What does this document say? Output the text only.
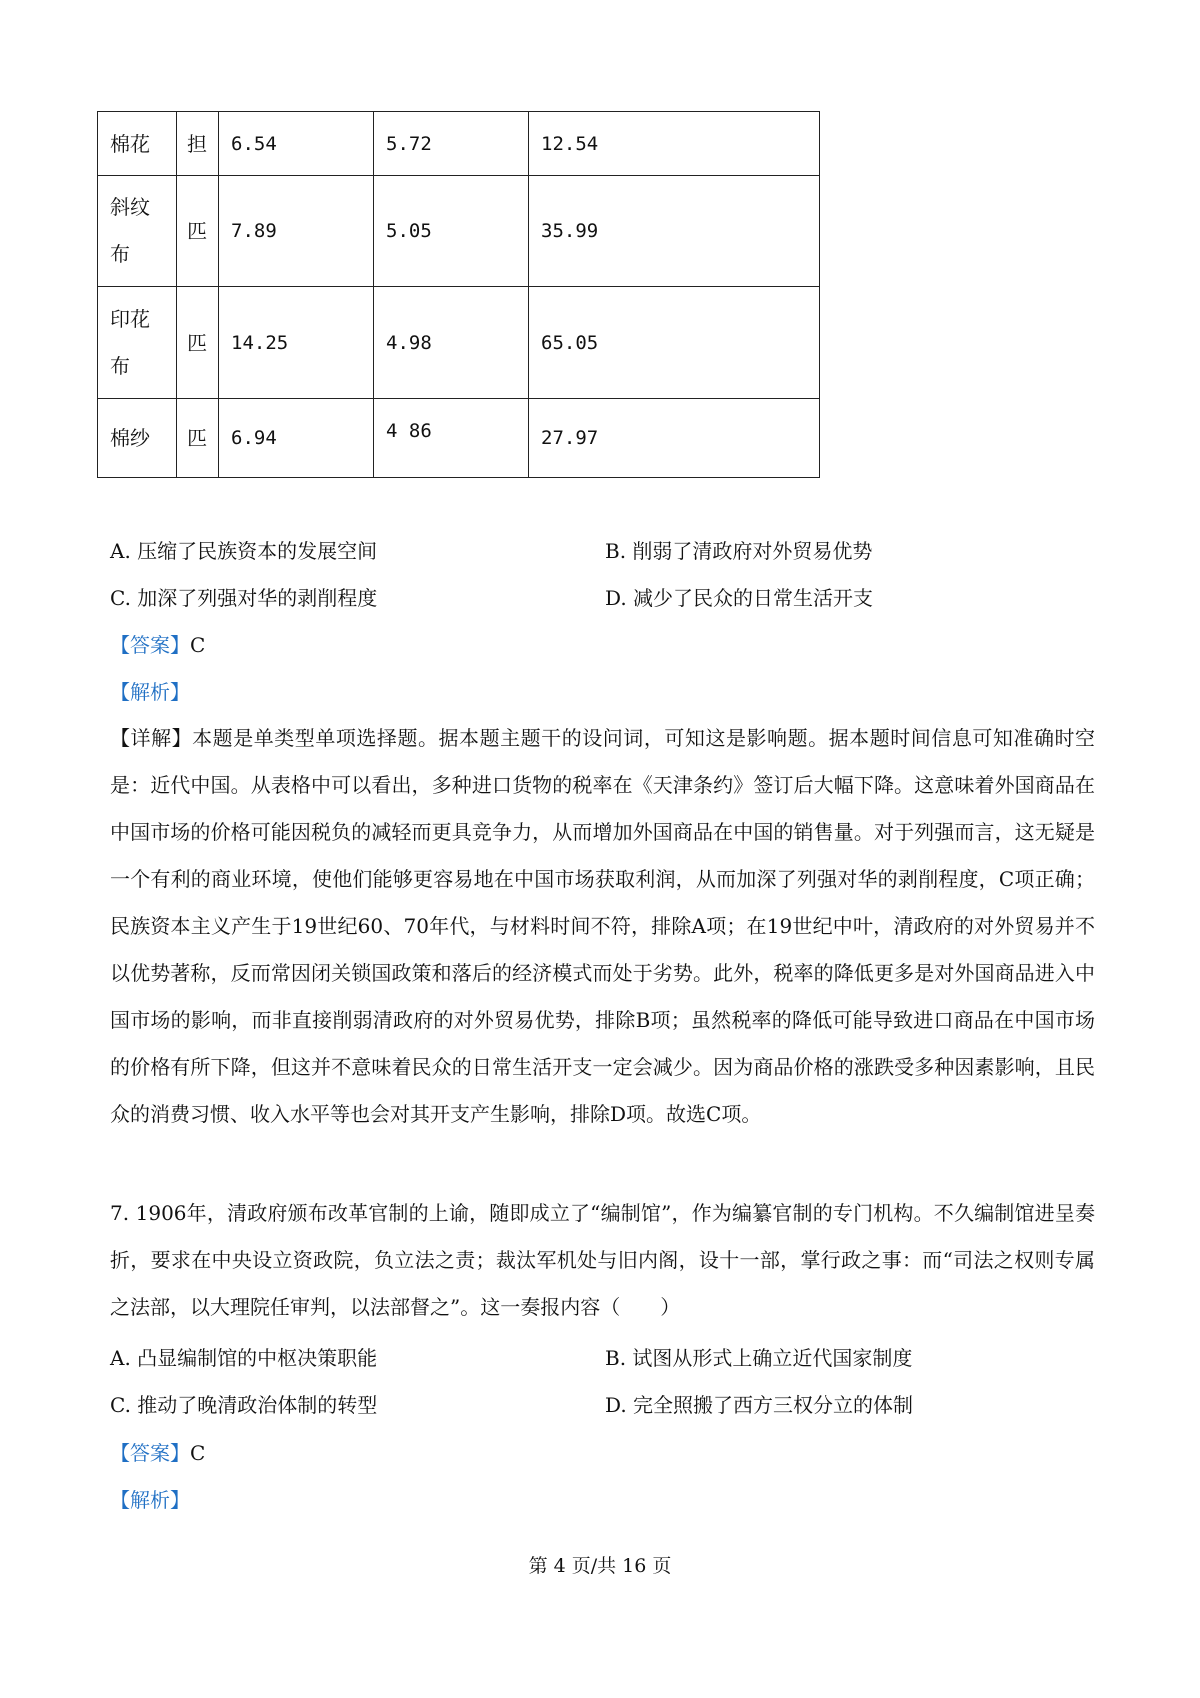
棉花	担	6.54	5.72	12.54

斜纹布	匹	7.89	5.05	35.99

印花布	匹	14.25	4.98	65.05
棉纱	匹	6.94	4 86	27.97
A. 压缩了民族资本的发展空间	B. 削弱了清政府对外贸易优势
C. 加深了列强对华的剥削程度	D. 减少了民众的日常生活开支
【答案】C
【解析】
【详解】本题是单类型单项选择题。据本题主题干的设问词，可知这是影响题。据本题时间信息可知准确时空是：近代中国。从表格中可以看出，多种进口货物的税率在《天津条约》签订后大幅下降。这意味着外国商品在中国市场的价格可能因税负的减轻而更具竞争力，从而增加外国商品在中国的销售量。对于列强而言，这无疑是一个有利的商业环境，使他们能够更容易地在中国市场获取利润，从而加深了列强对华的剥削程度，C项正确；民族资本主义产生于19世纪60、70年代，与材料时间不符，排除A项；在19世纪中叶，清政府的对外贸易并不以优势著称，反而常因闭关锁国政策和落后的经济模式而处于劣势。此外，税率的降低更多是对外国商品进入中国市场的影响，而非直接削弱清政府的对外贸易优势，排除B项；虽然税率的降低可能导致进口商品在中国市场的价格有所下降，但这并不意味着民众的日常生活开支一定会减少。因为商品价格的涨跌受多种因素影响，且民众的消费习惯、收入水平等也会对其开支产生影响，排除D项。故选C项。
7. 1906年，清政府颁布改革官制的上谕，随即成立了“编制馆”，作为编纂官制的专门机构。不久编制馆进呈奏折，要求在中央设立资政院，负立法之责；裁汰军机处与旧内阁，设十一部，掌行政之事：而“司法之权则专属之法部，以大理院任审判，以法部督之”。这一奏报内容（　　）
A. 凸显编制馆的中枢决策职能	B. 试图从形式上确立近代国家制度
C. 推动了晚清政治体制的转型	D. 完全照搬了西方三权分立的体制
【答案】C
【解析】
第 4 页/共 16 页
